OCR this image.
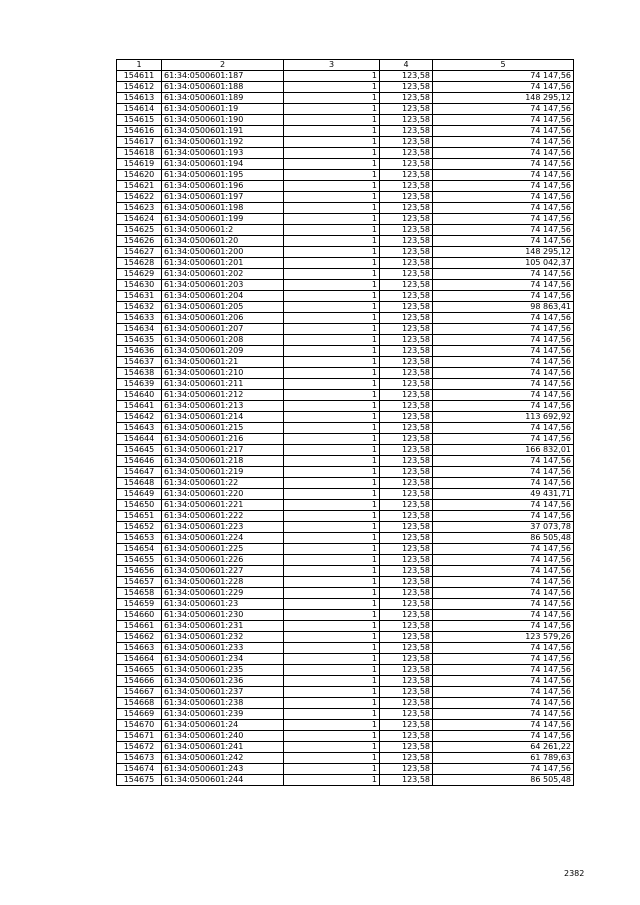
1	2	3	4	5
154611	61:34:0500601:187	1	123,58	74 147,56
154612	61:34:0500601:188	1	123,58	74 147,56
154613	61:34:0500601:189	1	123,58	148 295,12
154614	61:34:0500601:19	1	123,58	74 147,56
154615	61:34:0500601:190	1	123,58	74 147,56
154616	61:34:0500601:191	1	123,58	74 147,56
154617	61:34:0500601:192	1	123,58	74 147,56
154618	61:34:0500601:193	1	123,58	74 147,56
154619	61:34:0500601:194	1	123,58	74 147,56
154620	61:34:0500601:195	1	123,58	74 147,56
154621	61:34:0500601:196	1	123,58	74 147,56
154622	61:34:0500601:197	1	123,58	74 147,56
154623	61:34:0500601:198	1	123,58	74 147,56
154624	61:34:0500601:199	1	123,58	74 147,56
154625	61:34:0500601:2	1	123,58	74 147,56
154626	61:34:0500601:20	1	123,58	74 147,56
154627	61:34:0500601:200	1	123,58	148 295,12
154628	61:34:0500601:201	1	123,58	105 042,37
154629	61:34:0500601:202	1	123,58	74 147,56
154630	61:34:0500601:203	1	123,58	74 147,56
154631	61:34:0500601:204	1	123,58	74 147,56
154632	61:34:0500601:205	1	123,58	98 863,41
154633	61:34:0500601:206	1	123,58	74 147,56
154634	61:34:0500601:207	1	123,58	74 147,56
154635	61:34:0500601:208	1	123,58	74 147,56
154636	61:34:0500601:209	1	123,58	74 147,56
154637	61:34:0500601:21	1	123,58	74 147,56
154638	61:34:0500601:210	1	123,58	74 147,56
154639	61:34:0500601:211	1	123,58	74 147,56
154640	61:34:0500601:212	1	123,58	74 147,56
154641	61:34:0500601:213	1	123,58	74 147,56
154642	61:34:0500601:214	1	123,58	113 692,92
154643	61:34:0500601:215	1	123,58	74 147,56
154644	61:34:0500601:216	1	123,58	74 147,56
154645	61:34:0500601:217	1	123,58	166 832,01
154646	61:34:0500601:218	1	123,58	74 147,56
154647	61:34:0500601:219	1	123,58	74 147,56
154648	61:34:0500601:22	1	123,58	74 147,56
154649	61:34:0500601:220	1	123,58	49 431,71
154650	61:34:0500601:221	1	123,58	74 147,56
154651	61:34:0500601:222	1	123,58	74 147,56
154652	61:34:0500601:223	1	123,58	37 073,78
154653	61:34:0500601:224	1	123,58	86 505,48
154654	61:34:0500601:225	1	123,58	74 147,56
154655	61:34:0500601:226	1	123,58	74 147,56
154656	61:34:0500601:227	1	123,58	74 147,56
154657	61:34:0500601:228	1	123,58	74 147,56
154658	61:34:0500601:229	1	123,58	74 147,56
154659	61:34:0500601:23	1	123,58	74 147,56
154660	61:34:0500601:230	1	123,58	74 147,56
154661	61:34:0500601:231	1	123,58	74 147,56
154662	61:34:0500601:232	1	123,58	123 579,26
154663	61:34:0500601:233	1	123,58	74 147,56
154664	61:34:0500601:234	1	123,58	74 147,56
154665	61:34:0500601:235	1	123,58	74 147,56
154666	61:34:0500601:236	1	123,58	74 147,56
154667	61:34:0500601:237	1	123,58	74 147,56
154668	61:34:0500601:238	1	123,58	74 147,56
154669	61:34:0500601:239	1	123,58	74 147,56
154670	61:34:0500601:24	1	123,58	74 147,56
154671	61:34:0500601:240	1	123,58	74 147,56
154672	61:34:0500601:241	1	123,58	64 261,22
154673	61:34:0500601:242	1	123,58	61 789,63
154674	61:34:0500601:243	1	123,58	74 147,56
154675	61:34:0500601:244	1	123,58	86 505,48
2382
